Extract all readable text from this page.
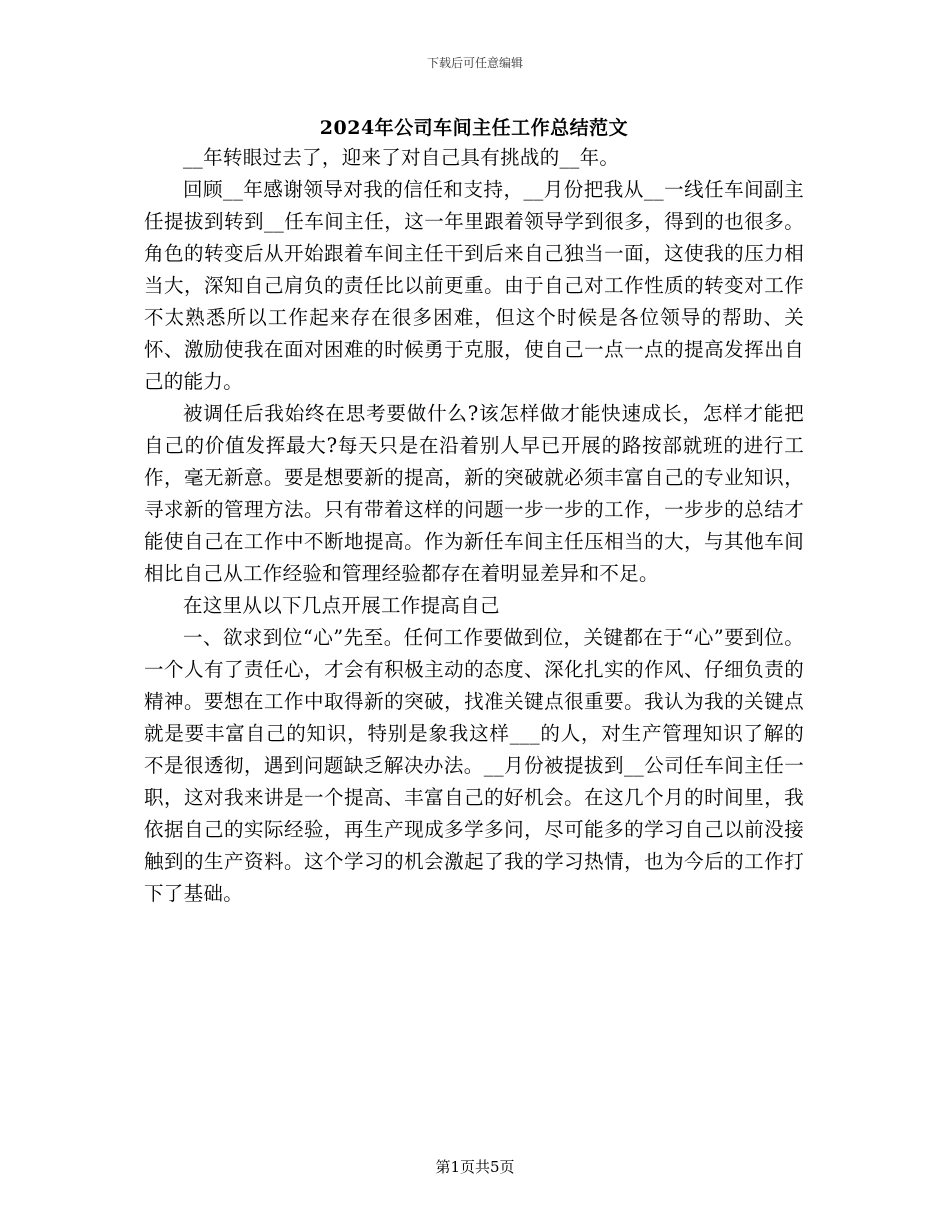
下载后可任意编辑
2024年公司车间主任工作总结范文

__年转眼过去了，迎来了对自己具有挑战的__年。

回顾__年感谢领导对我的信任和支持，__月份把我从__一线任车间副主任提拔到转到__任车间主任，这一年里跟着领导学到很多，得到的也很多。角色的转变后从开始跟着车间主任干到后来自己独当一面，这使我的压力相当大，深知自己肩负的责任比以前更重。由于自己对工作性质的转变对工作不太熟悉所以工作起来存在很多困难，但这个时候是各位领导的帮助、关怀、激励使我在面对困难的时候勇于克服，使自己一点一点的提高发挥出自己的能力。

被调任后我始终在思考要做什么?该怎样做才能快速成长，怎样才能把自己的价值发挥最大?每天只是在沿着别人早已开展的路按部就班的进行工作，毫无新意。要是想要新的提高，新的突破就必须丰富自己的专业知识，寻求新的管理方法。只有带着这样的问题一步一步的工作，一步步的总结才能使自己在工作中不断地提高。作为新任车间主任压相当的大，与其他车间相比自己从工作经验和管理经验都存在着明显差异和不足。

在这里从以下几点开展工作提高自己

一、欲求到位“心”先至。任何工作要做到位，关键都在于“心”要到位。一个人有了责任心，才会有积极主动的态度、深化扎实的作风、仔细负责的精神。要想在工作中取得新的突破，找准关键点很重要。我认为我的关键点就是要丰富自己的知识，特别是象我这样___的人，对生产管理知识了解的不是很透彻，遇到问题缺乏解决办法。__月份被提拔到__公司任车间主任一职，这对我来讲是一个提高、丰富自己的好机会。在这几个月的时间里，我依据自己的实际经验，再生产现成多学多问，尽可能多的学习自己以前没接触到的生产资料。这个学习的机会激起了我的学习热情，也为今后的工作打下了基础。

第1页共5页
